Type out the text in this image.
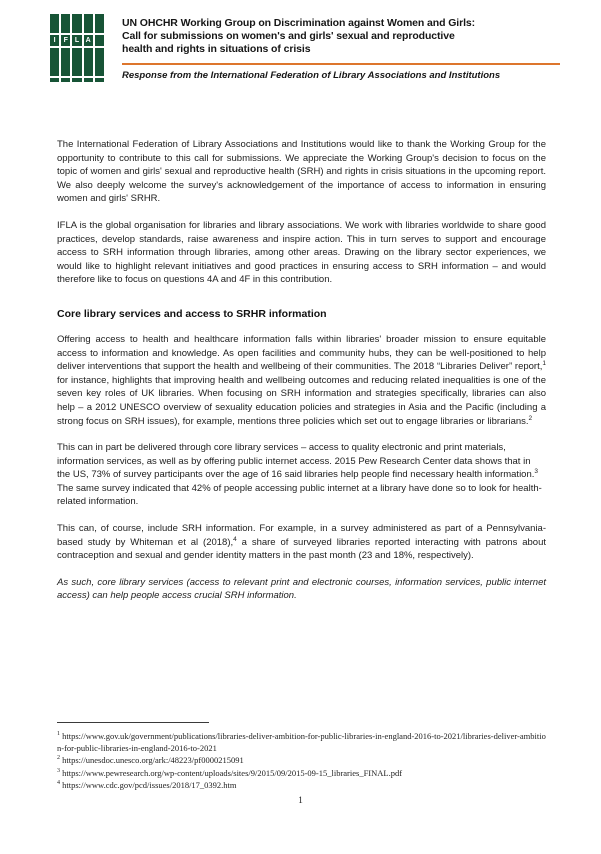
I	F L A
UN OHCHR Working Group on Discrimination against Women and Girls:
Call for submissions on women's and girls' sexual and reproductive
health and rights in situations of crisis
Response from the International Federation of Library Associations and Institutions

The International Federation of Library Associations and Institutions would like to thank the Working Group for the opportunity to contribute to this call for submissions. We appreciate the Working Group's decision to focus on the topic of women and girls' sexual and reproductive health (SRH) and rights in crisis situations in the upcoming report. We also deeply welcome the survey's acknowledgement of the importance of access to information in ensuring women and girls' SRHR.

IFLA is the global organisation for libraries and library associations. We work with libraries worldwide to share good practices, develop standards, raise awareness and inspire action. This in turn serves to support and encourage access to SRH information through libraries, among other areas. Drawing on the library sector experiences, we would like to highlight relevant initiatives and good practices in ensuring access to SRH information – and would therefore like to focus on questions 4A and 4F in this contribution.

Core library services and access to SRHR information

Offering access to health and healthcare information falls within libraries' broader mission to ensure equitable access to information and knowledge. As open facilities and community hubs, they can be well-positioned to help deliver interventions that support the health and wellbeing of their communities. The 2018 “Libraries Deliver” report,$^1$ for instance, highlights that improving health and wellbeing outcomes and reducing related inequalities is one of the seven key roles of UK libraries. When focusing on SRH information and strategies specifically, libraries can also help – a 2012 UNESCO overview of sexuality education policies and strategies in Asia and the Pacific (including a strong focus on SRH issues), for example, mentions three policies which set out to engage libraries or librarians.$^2$

This can in part be delivered through core library services – access to quality electronic and print materials, information services, as well as by offering public internet access. 2015 Pew Research Center data shows that in the US, 73% of survey participants over the age of 16 said libraries help people find necessary health information.$^3$ The same survey indicated that 42% of people accessing public internet at a library have done so to look for health-related information.

This can, of course, include SRH information. For example, in a survey administered as part of a Pennsylvania-based study by Whiteman et al (2018),$^4$ a share of surveyed libraries reported interacting with patrons about contraception and sexual and gender identity matters in the past month (23 and 18%, respectively).

As such, core library services (access to relevant print and electronic courses, information services, public internet access) can help people access crucial SRH information.

$^1$ https://www.gov.uk/government/publications/libraries-deliver-ambition-for-public-libraries-in-england-2016-to-2021/libraries-deliver-ambition-for-public-libraries-in-england-2016-to-2021
$^2$ https://unesdoc.unesco.org/ark:/48223/pf0000215091
$^3$ https://www.pewresearch.org/wp-content/uploads/sites/9/2015/09/2015-09-15_libraries_FINAL.pdf
$^4$ https://www.cdc.gov/pcd/issues/2018/17_0392.htm
1
